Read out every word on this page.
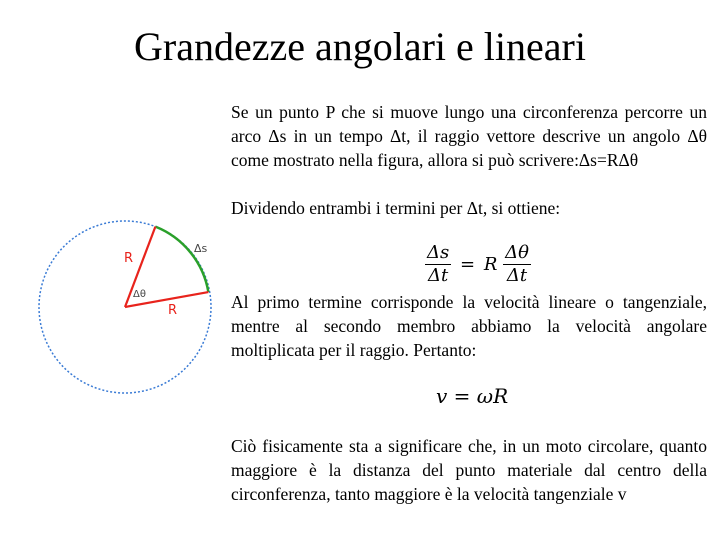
Grandezze angolari e lineari
Se un punto P che si muove lungo una circonferenza percorre un arco Δs in un tempo Δt, il raggio vettore descrive un angolo Δθ come mostrato nella figura, allora si può scrivere:Δs=RΔθ
Dividendo entrambi i termini per Δt, si ottiene:
$\frac{\Delta s}{\Delta t} = R \frac{\Delta\theta}{\Delta t}$
Al primo termine corrisponde la velocità lineare o tangenziale, mentre al secondo membro abbiamo la velocità angolare moltiplicata per il raggio. Pertanto:
v = ωR
Ciò fisicamente sta a significare che, in un moto circolare, quanto maggiore è la distanza del punto materiale dal centro della circonferenza, tanto maggiore è la velocità tangenziale v
R
R
Δs
Δθ
